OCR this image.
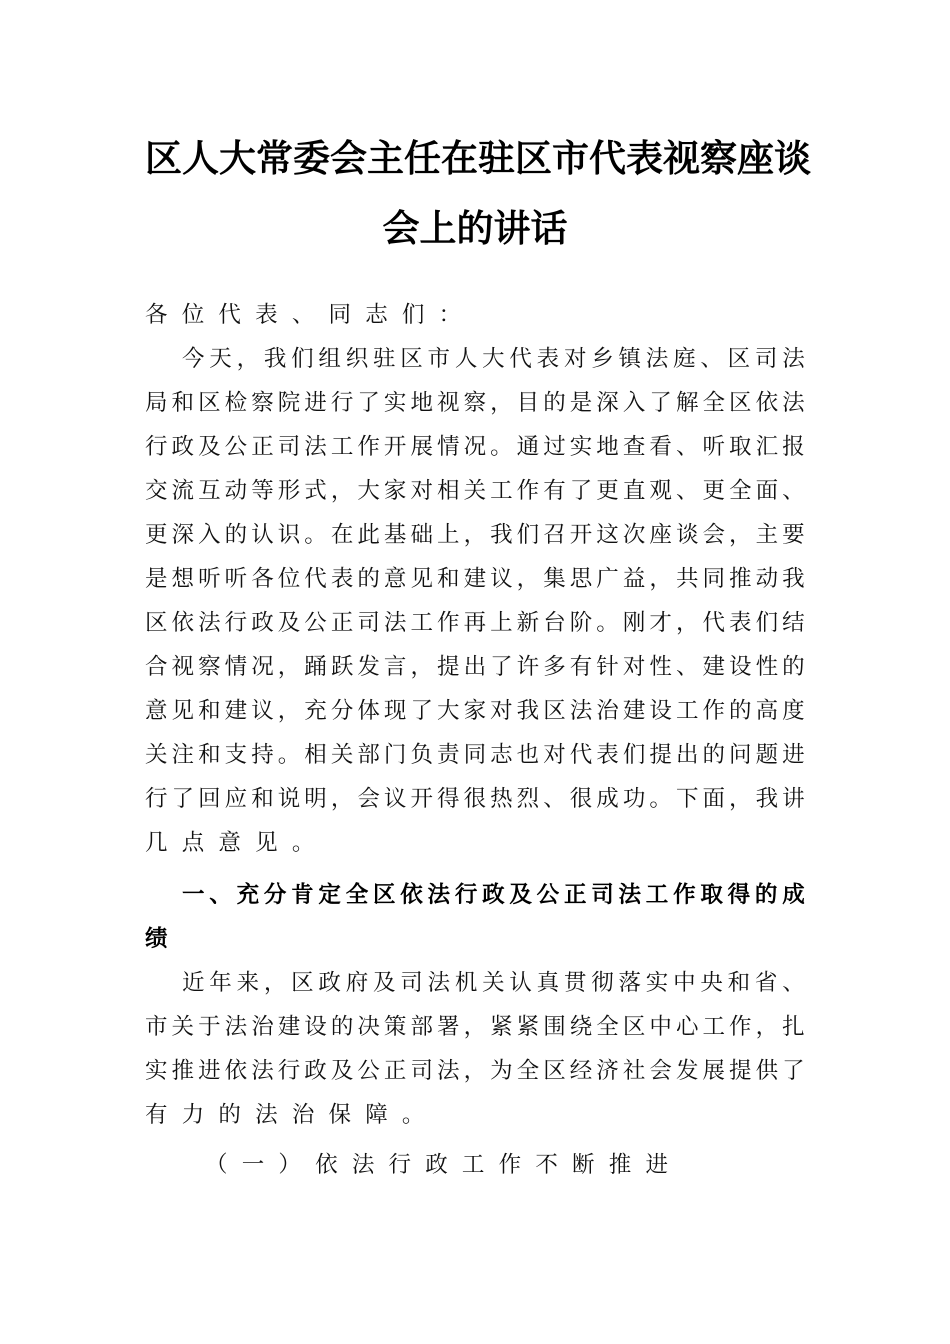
区人大常委会主任在驻区市代表视察座谈
会上的讲话
各 位 代 表 、 同 志 们 ：
今 天 ， 我 们 组 织 驻 区 市 人 大 代 表 对 乡 镇 法 庭 、 区 司 法
局 和 区 检 察 院 进 行 了 实 地 视 察 ， 目 的 是 深 入 了 解 全 区 依 法
行 政 及 公 正 司 法 工 作 开 展 情 况 。 通 过 实 地 查 看 、 听 取 汇 报
交 流 互 动 等 形 式 ， 大 家 对 相 关 工 作 有 了 更 直 观 、 更 全 面 、
更 深 入 的 认 识 。 在 此 基 础 上 ， 我 们 召 开 这 次 座 谈 会 ， 主 要
是 想 听 听 各 位 代 表 的 意 见 和 建 议 ， 集 思 广 益 ， 共 同 推 动 我
区 依 法 行 政 及 公 正 司 法 工 作 再 上 新 台 阶 。 刚 才 ， 代 表 们 结
合 视 察 情 况 ， 踊 跃 发 言 ， 提 出 了 许 多 有 针 对 性 、 建 设 性 的
意 见 和 建 议 ， 充 分 体 现 了 大 家 对 我 区 法 治 建 设 工 作 的 高 度
关 注 和 支 持 。 相 关 部 门 负 责 同 志 也 对 代 表 们 提 出 的 问 题 进
行 了 回 应 和 说 明 ， 会 议 开 得 很 热 烈 、 很 成 功 。 下 面 ， 我 讲
几 点 意 见 。
一 、 充 分 肯 定 全 区 依 法 行 政 及 公 正 司 法 工 作 取 得 的 成
绩
近 年 来 ， 区 政 府 及 司 法 机 关 认 真 贯 彻 落 实 中 央 和 省 、
市 关 于 法 治 建 设 的 决 策 部 署 ， 紧 紧 围 绕 全 区 中 心 工 作 ， 扎
实 推 进 依 法 行 政 及 公 正 司 法 ， 为 全 区 经 济 社 会 发 展 提 供 了
有 力 的 法 治 保 障 。
（ 一 ） 依 法 行 政 工 作 不 断 推 进
